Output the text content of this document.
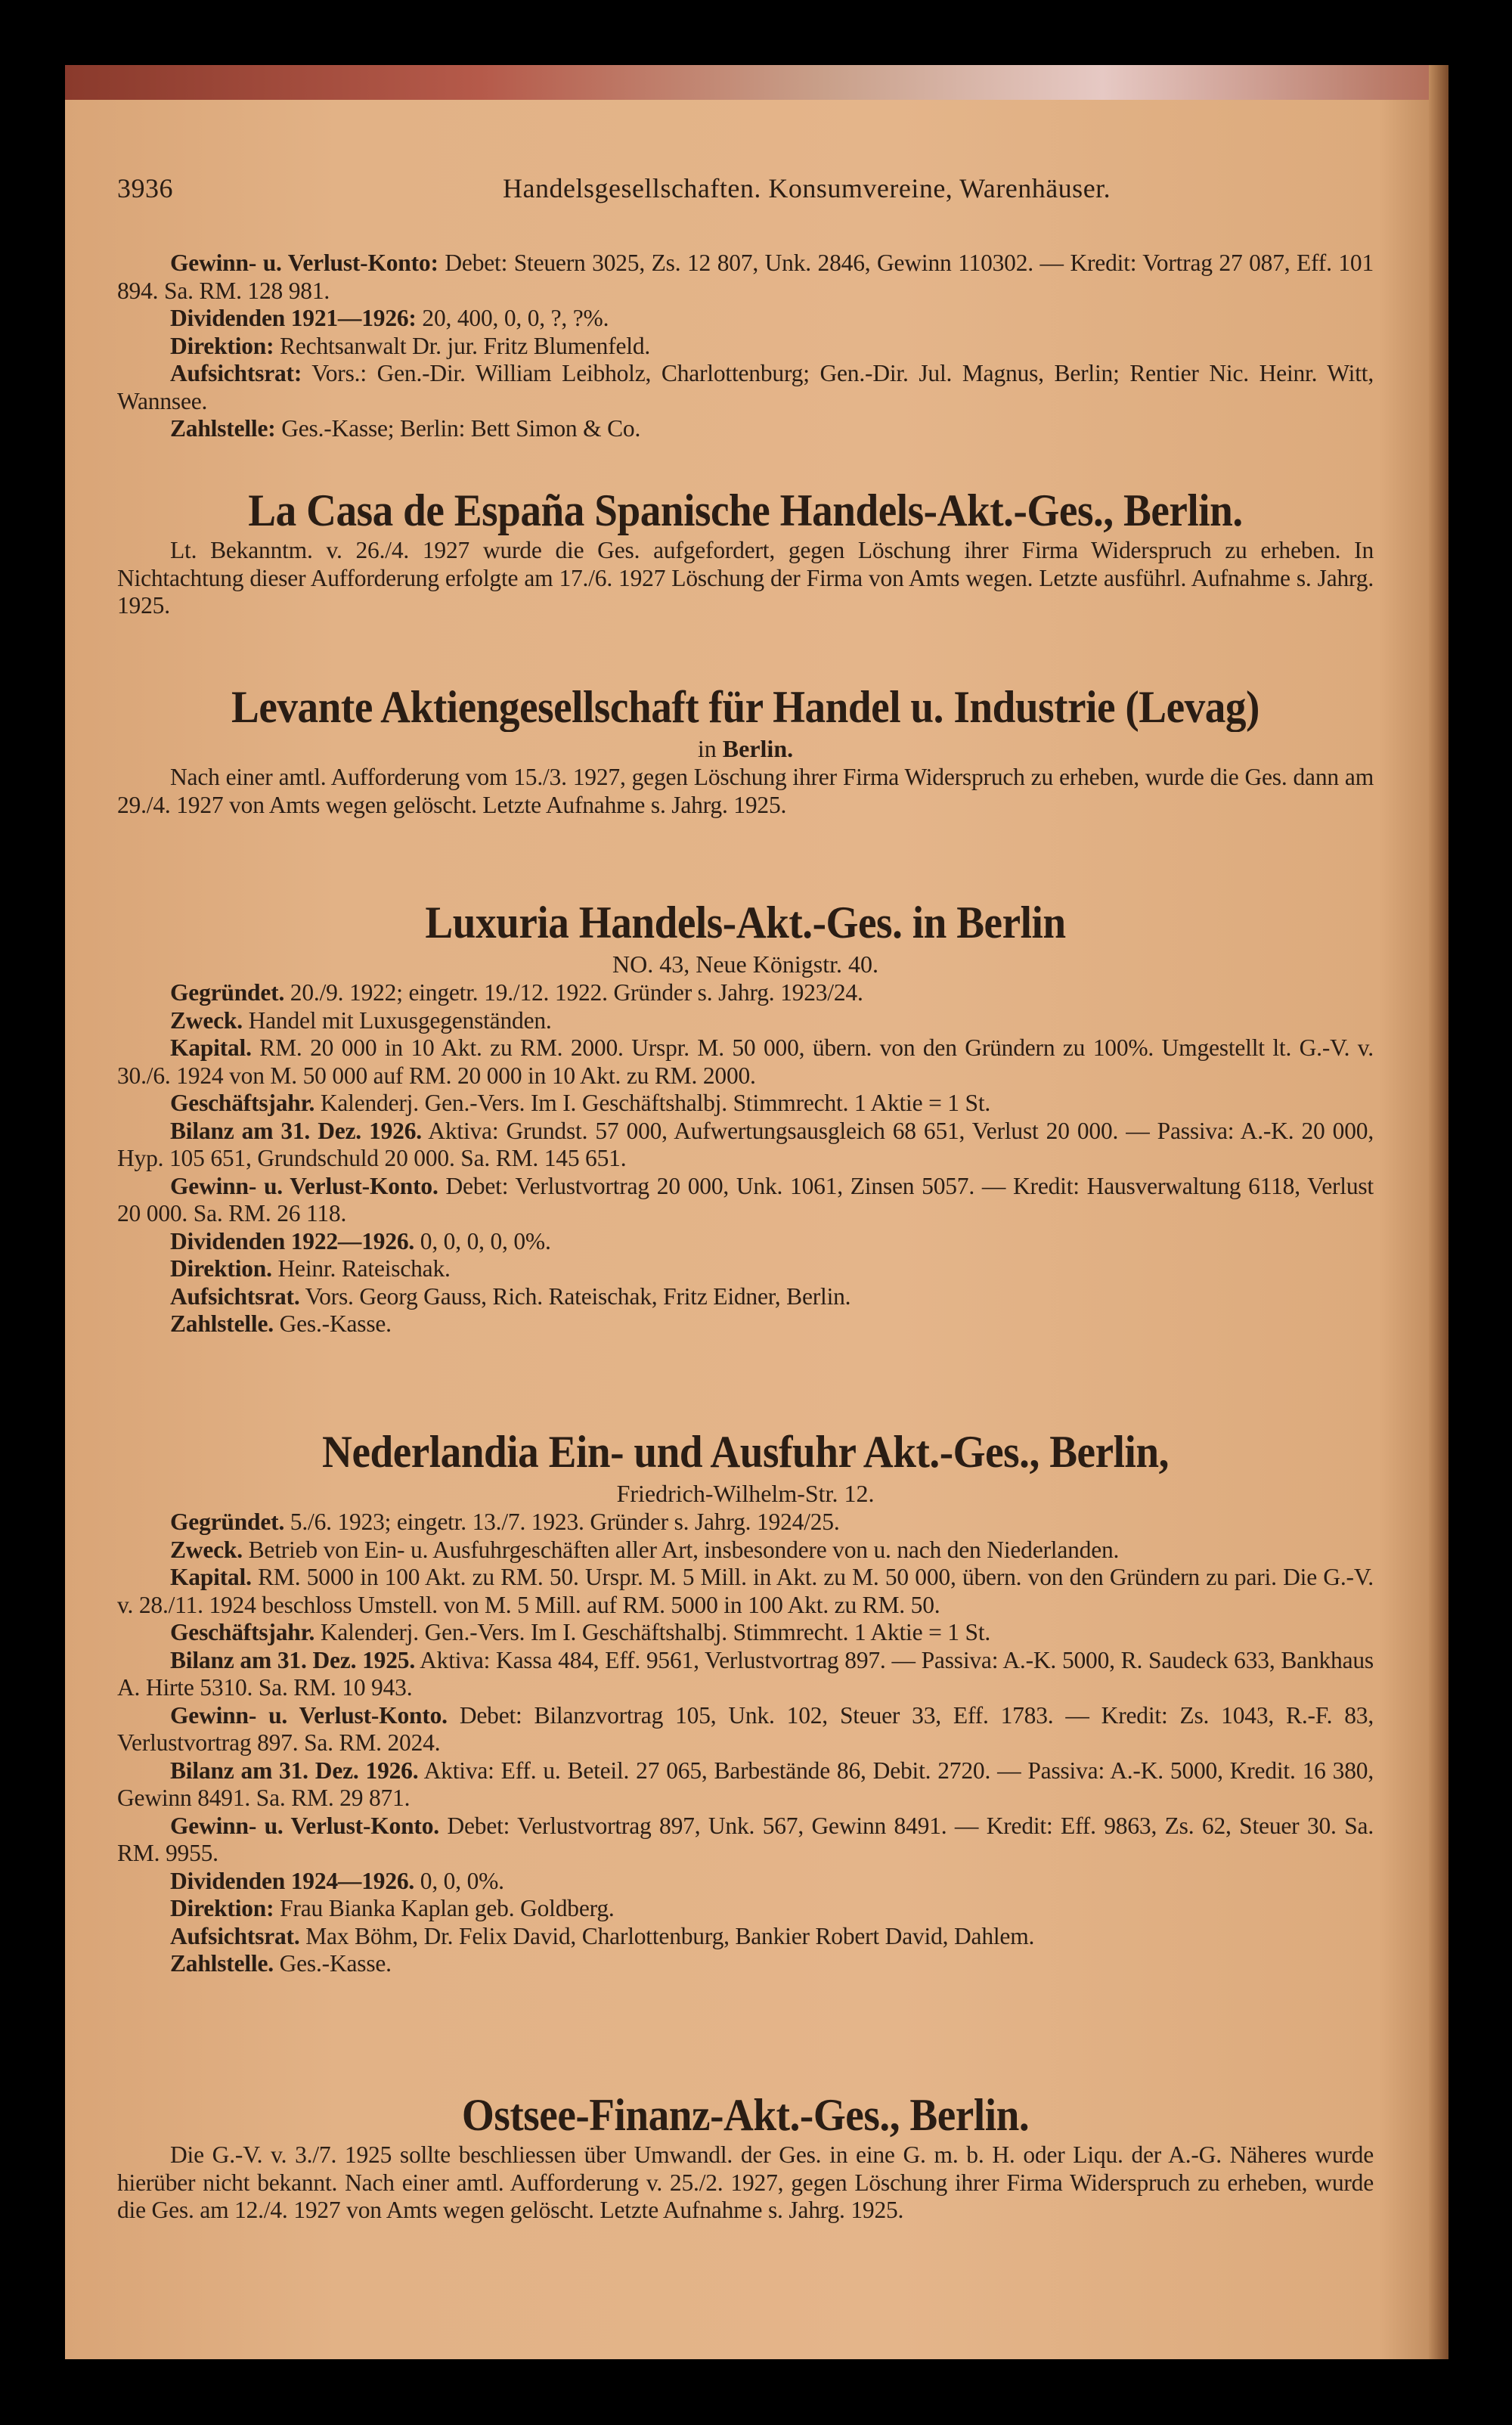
3936	Handelsgesellschaften. Konsumvereine, Warenhäuser.

Gewinn- u. Verlust-Konto: Debet: Steuern 3025, Zs. 12 807, Unk. 2846, Gewinn 110302. — Kredit: Vortrag 27 087, Eff. 101 894. Sa. RM. 128 981.

Dividenden 1921—1926: 20, 400, 0, 0, ?, ?%.

Direktion: Rechtsanwalt Dr. jur. Fritz Blumenfeld.

Aufsichtsrat: Vors.: Gen.-Dir. William Leibholz, Charlottenburg; Gen.-Dir. Jul. Magnus, Berlin; Rentier Nic. Heinr. Witt, Wannsee.

Zahlstelle: Ges.-Kasse; Berlin: Bett Simon & Co.

La Casa de España Spanische Handels-Akt.-Ges., Berlin.

Lt. Bekanntm. v. 26./4. 1927 wurde die Ges. aufgefordert, gegen Löschung ihrer Firma Widerspruch zu erheben. In Nichtachtung dieser Aufforderung erfolgte am 17./6. 1927 Löschung der Firma von Amts wegen. Letzte ausführl. Aufnahme s. Jahrg. 1925.

Levante Aktiengesellschaft für Handel u. Industrie (Levag)
in Berlin.

Nach einer amtl. Aufforderung vom 15./3. 1927, gegen Löschung ihrer Firma Widerspruch zu erheben, wurde die Ges. dann am 29./4. 1927 von Amts wegen gelöscht. Letzte Aufnahme s. Jahrg. 1925.

Luxuria Handels-Akt.-Ges. in Berlin
NO. 43, Neue Königstr. 40.

Gegründet. 20./9. 1922; eingetr. 19./12. 1922. Gründer s. Jahrg. 1923/24.

Zweck. Handel mit Luxusgegenständen.

Kapital. RM. 20 000 in 10 Akt. zu RM. 2000. Urspr. M. 50 000, übern. von den Gründern zu 100%. Umgestellt lt. G.-V. v. 30./6. 1924 von M. 50 000 auf RM. 20 000 in 10 Akt. zu RM. 2000.

Geschäftsjahr. Kalenderj. Gen.-Vers. Im I. Geschäftshalbj. Stimmrecht. 1 Aktie = 1 St.

Bilanz am 31. Dez. 1926. Aktiva: Grundst. 57 000, Aufwertungsausgleich 68 651, Verlust 20 000. — Passiva: A.-K. 20 000, Hyp. 105 651, Grundschuld 20 000. Sa. RM. 145 651.

Gewinn- u. Verlust-Konto. Debet: Verlustvortrag 20 000, Unk. 1061, Zinsen 5057. — Kredit: Hausverwaltung 6118, Verlust 20 000. Sa. RM. 26 118.

Dividenden 1922—1926. 0, 0, 0, 0, 0%.

Direktion. Heinr. Rateischak.

Aufsichtsrat. Vors. Georg Gauss, Rich. Rateischak, Fritz Eidner, Berlin.

Zahlstelle. Ges.-Kasse.

Nederlandia Ein- und Ausfuhr Akt.-Ges., Berlin,
Friedrich-Wilhelm-Str. 12.

Gegründet. 5./6. 1923; eingetr. 13./7. 1923. Gründer s. Jahrg. 1924/25.

Zweck. Betrieb von Ein- u. Ausfuhrgeschäften aller Art, insbesondere von u. nach den Niederlanden.

Kapital. RM. 5000 in 100 Akt. zu RM. 50. Urspr. M. 5 Mill. in Akt. zu M. 50 000, übern. von den Gründern zu pari. Die G.-V. v. 28./11. 1924 beschloss Umstell. von M. 5 Mill. auf RM. 5000 in 100 Akt. zu RM. 50.

Geschäftsjahr. Kalenderj. Gen.-Vers. Im I. Geschäftshalbj. Stimmrecht. 1 Aktie = 1 St.

Bilanz am 31. Dez. 1925. Aktiva: Kassa 484, Eff. 9561, Verlustvortrag 897. — Passiva: A.-K. 5000, R. Saudeck 633, Bankhaus A. Hirte 5310. Sa. RM. 10 943.

Gewinn- u. Verlust-Konto. Debet: Bilanzvortrag 105, Unk. 102, Steuer 33, Eff. 1783. — Kredit: Zs. 1043, R.-F. 83, Verlustvortrag 897. Sa. RM. 2024.

Bilanz am 31. Dez. 1926. Aktiva: Eff. u. Beteil. 27 065, Barbestände 86, Debit. 2720. — Passiva: A.-K. 5000, Kredit. 16 380, Gewinn 8491. Sa. RM. 29 871.

Gewinn- u. Verlust-Konto. Debet: Verlustvortrag 897, Unk. 567, Gewinn 8491. — Kredit: Eff. 9863, Zs. 62, Steuer 30. Sa. RM. 9955.

Dividenden 1924—1926. 0, 0, 0%.

Direktion: Frau Bianka Kaplan geb. Goldberg.

Aufsichtsrat. Max Böhm, Dr. Felix David, Charlottenburg, Bankier Robert David, Dahlem.

Zahlstelle. Ges.-Kasse.

Ostsee-Finanz-Akt.-Ges., Berlin.

Die G.-V. v. 3./7. 1925 sollte beschliessen über Umwandl. der Ges. in eine G. m. b. H. oder Liqu. der A.-G. Näheres wurde hierüber nicht bekannt. Nach einer amtl. Aufforderung v. 25./2. 1927, gegen Löschung ihrer Firma Widerspruch zu erheben, wurde die Ges. am 12./4. 1927 von Amts wegen gelöscht. Letzte Aufnahme s. Jahrg. 1925.
